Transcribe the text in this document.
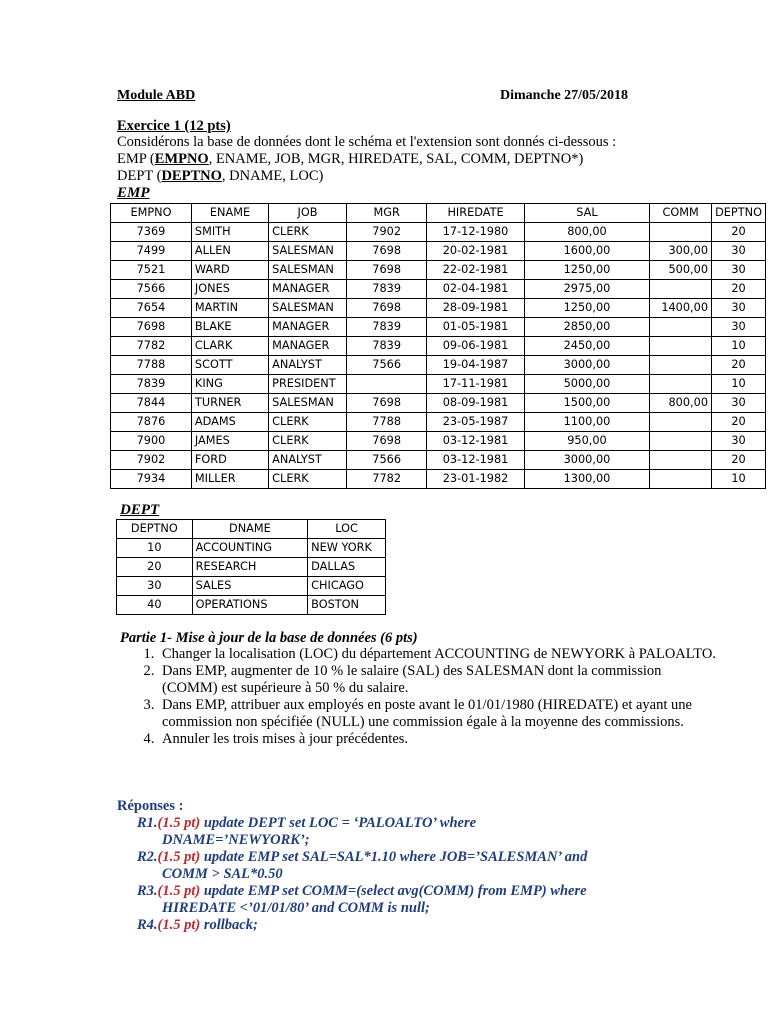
Module ABD	Dimanche 27/05/2018
Exercice 1 (12 pts)
Considérons la base de données dont le schéma et l'extension sont donnés ci-dessous :
EMP (EMPNO, ENAME, JOB, MGR, HIREDATE, SAL, COMM, DEPTNO*)
DEPT (DEPTNO, DNAME, LOC)
EMP
EMPNO	ENAME	JOB	MGR	HIREDATE	SAL	COMM	DEPTNO
7369	SMITH	CLERK	7902	17-12-1980	800,00		20
7499	ALLEN	SALESMAN	7698	20-02-1981	1600,00	300,00	30
7521	WARD	SALESMAN	7698	22-02-1981	1250,00	500,00	30
7566	JONES	MANAGER	7839	02-04-1981	2975,00		20
7654	MARTIN	SALESMAN	7698	28-09-1981	1250,00	1400,00	30
7698	BLAKE	MANAGER	7839	01-05-1981	2850,00		30
7782	CLARK	MANAGER	7839	09-06-1981	2450,00		10
7788	SCOTT	ANALYST	7566	19-04-1987	3000,00		20
7839	KING	PRESIDENT		17-11-1981	5000,00		10
7844	TURNER	SALESMAN	7698	08-09-1981	1500,00	800,00	30
7876	ADAMS	CLERK	7788	23-05-1987	1100,00		20
7900	JAMES	CLERK	7698	03-12-1981	950,00		30
7902	FORD	ANALYST	7566	03-12-1981	3000,00		20
7934	MILLER	CLERK	7782	23-01-1982	1300,00		10
DEPT
DEPTNO	DNAME	LOC
10	ACCOUNTING	NEW YORK
20	RESEARCH	DALLAS
30	SALES	CHICAGO
40	OPERATIONS	BOSTON
Partie 1- Mise à jour de la base de données (6 pts)
1. Changer la localisation (LOC) du département ACCOUNTING de NEWYORK à PALOALTO.
2. Dans EMP, augmenter de 10 % le salaire (SAL) des SALESMAN dont la commission (COMM) est supérieure à 50 % du salaire.
3. Dans EMP, attribuer aux employés en poste avant le 01/01/1980 (HIREDATE) et ayant une commission non spécifiée (NULL) une commission égale à la moyenne des commissions.
4. Annuler les trois mises à jour précédentes.
Réponses :
R1.(1.5 pt) update DEPT set LOC = ‘PALOALTO’ where
DNAME=’NEWYORK’;
R2.(1.5 pt) update EMP set SAL=SAL*1.10 where JOB=’SALESMAN’ and
COMM > SAL*0.50
R3.(1.5 pt) update EMP set COMM=(select avg(COMM) from EMP) where
HIREDATE <’01/01/80’ and COMM is null;
R4.(1.5 pt) rollback;
